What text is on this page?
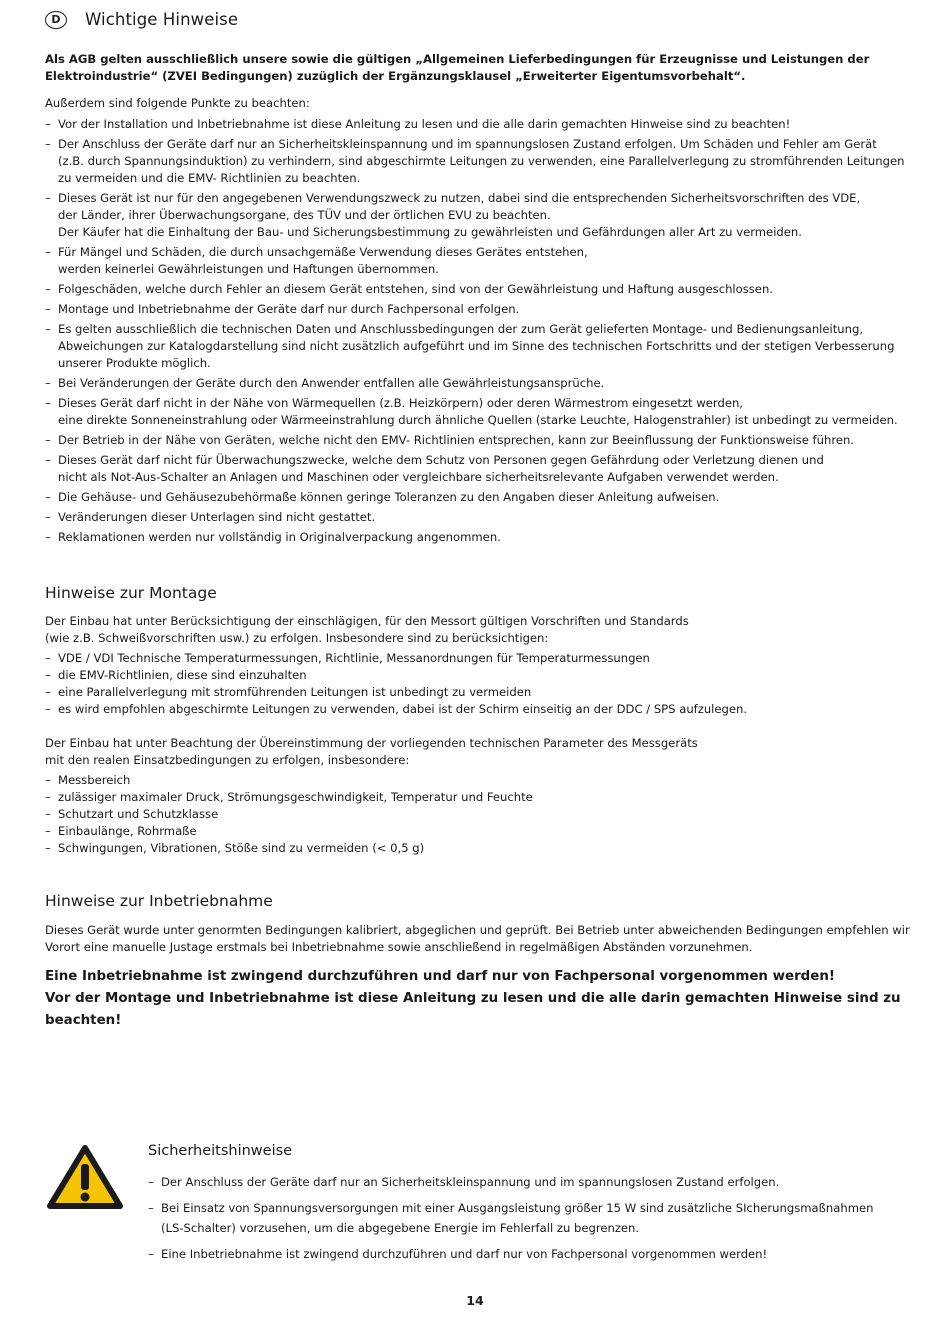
D	Wichtige Hinweise
Als AGB gelten ausschließlich unsere sowie die gültigen „Allgemeinen Lieferbedingungen für Erzeugnisse und Leistungen der Elektroindustrie“ (ZVEI Bedingungen) zuzüglich der Ergänzungsklausel „Erweiterter Eigentumsvorbehalt“.
Außerdem sind folgende Punkte zu beachten:
– Vor der Installation und Inbetriebnahme ist diese Anleitung zu lesen und die alle darin gemachten Hinweise sind zu beachten!
– Der Anschluss der Geräte darf nur an Sicherheitskleinspannung und im spannungslosen Zustand erfolgen. Um Schäden und Fehler am Gerät
(z.B. durch Spannungsinduktion) zu verhindern, sind abgeschirmte Leitungen zu verwenden, eine Parallelverlegung zu stromführenden Leitungen
zu vermeiden und die EMV- Richtlinien zu beachten.
– Dieses Gerät ist nur für den angegebenen Verwendungszweck zu nutzen, dabei sind die entsprechenden Sicherheitsvorschriften des VDE,
der Länder, ihrer Überwachungsorgane, des TÜV und der örtlichen EVU zu beachten.
Der Käufer hat die Einhaltung der Bau- und Sicherungsbestimmung zu gewährleisten und Gefährdungen aller Art zu vermeiden.
– Für Mängel und Schäden, die durch unsachgemäße Verwendung dieses Gerätes entstehen,
werden keinerlei Gewährleistungen und Haftungen übernommen.
– Folgeschäden, welche durch Fehler an diesem Gerät entstehen, sind von der Gewährleistung und Haftung ausgeschlossen.
– Montage und Inbetriebnahme der Geräte darf nur durch Fachpersonal erfolgen.
– Es gelten ausschließlich die technischen Daten und Anschlussbedingungen der zum Gerät gelieferten Montage- und Bedienungsanleitung,
Abweichungen zur Katalogdarstellung sind nicht zusätzlich aufgeführt und im Sinne des technischen Fortschritts und der stetigen Verbesserung
unserer Produkte möglich.
– Bei Veränderungen der Geräte durch den Anwender entfallen alle Gewährleistungsansprüche.
– Dieses Gerät darf nicht in der Nähe von Wärmequellen (z.B. Heizkörpern) oder deren Wärmestrom eingesetzt werden,
eine direkte Sonneneinstrahlung oder Wärmeeinstrahlung durch ähnliche Quellen (starke Leuchte, Halogenstrahler) ist unbedingt zu vermeiden.
– Der Betrieb in der Nähe von Geräten, welche nicht den EMV- Richtlinien entsprechen, kann zur Beeinflussung der Funktionsweise führen.
– Dieses Gerät darf nicht für Überwachungszwecke, welche dem Schutz von Personen gegen Gefährdung oder Verletzung dienen und
nicht als Not-Aus-Schalter an Anlagen und Maschinen oder vergleichbare sicherheitsrelevante Aufgaben verwendet werden.
– Die Gehäuse- und Gehäusezubehörmaße können geringe Toleranzen zu den Angaben dieser Anleitung aufweisen.
– Veränderungen dieser Unterlagen sind nicht gestattet.
– Reklamationen werden nur vollständig in Originalverpackung angenommen.
Hinweise zur Montage
Der Einbau hat unter Berücksichtigung der einschlägigen, für den Messort gültigen Vorschriften und Standards
(wie z.B. Schweißvorschriften usw.) zu erfolgen. Insbesondere sind zu berücksichtigen:
– VDE / VDI Technische Temperaturmessungen, Richtlinie, Messanordnungen für Temperaturmessungen
– die EMV-Richtlinien, diese sind einzuhalten
– eine Parallelverlegung mit stromführenden Leitungen ist unbedingt zu vermeiden
– es wird empfohlen abgeschirmte Leitungen zu verwenden, dabei ist der Schirm einseitig an der DDC / SPS aufzulegen.
Der Einbau hat unter Beachtung der Übereinstimmung der vorliegenden technischen Parameter des Messgeräts
mit den realen Einsatzbedingungen zu erfolgen, insbesondere:
– Messbereich
– zulässiger maximaler Druck, Strömungsgeschwindigkeit, Temperatur und Feuchte
– Schutzart und Schutzklasse
– Einbaulänge, Rohrmaße
– Schwingungen, Vibrationen, Stöße sind zu vermeiden (< 0,5 g)
Hinweise zur Inbetriebnahme
Dieses Gerät wurde unter genormten Bedingungen kalibriert, abgeglichen und geprüft. Bei Betrieb unter abweichenden Bedingungen empfehlen wir
Vorort eine manuelle Justage erstmals bei Inbetriebnahme sowie anschließend in regelmäßigen Abständen vorzunehmen.
Eine Inbetriebnahme ist zwingend durchzuführen und darf nur von Fachpersonal vorgenommen werden!
Vor der Montage und Inbetriebnahme ist diese Anleitung zu lesen und die alle darin gemachten Hinweise sind zu beachten!
Sicherheitshinweise
– Der Anschluss der Geräte darf nur an Sicherheitskleinspannung und im spannungslosen Zustand erfolgen.
– Bei Einsatz von Spannungsversorgungen mit einer Ausgangsleistung größer 15 W sind zusätzliche SIcherungsmaßnahmen
(LS-Schalter) vorzusehen, um die abgegebene Energie im Fehlerfall zu begrenzen.
– Eine Inbetriebnahme ist zwingend durchzuführen und darf nur von Fachpersonal vorgenommen werden!
14
